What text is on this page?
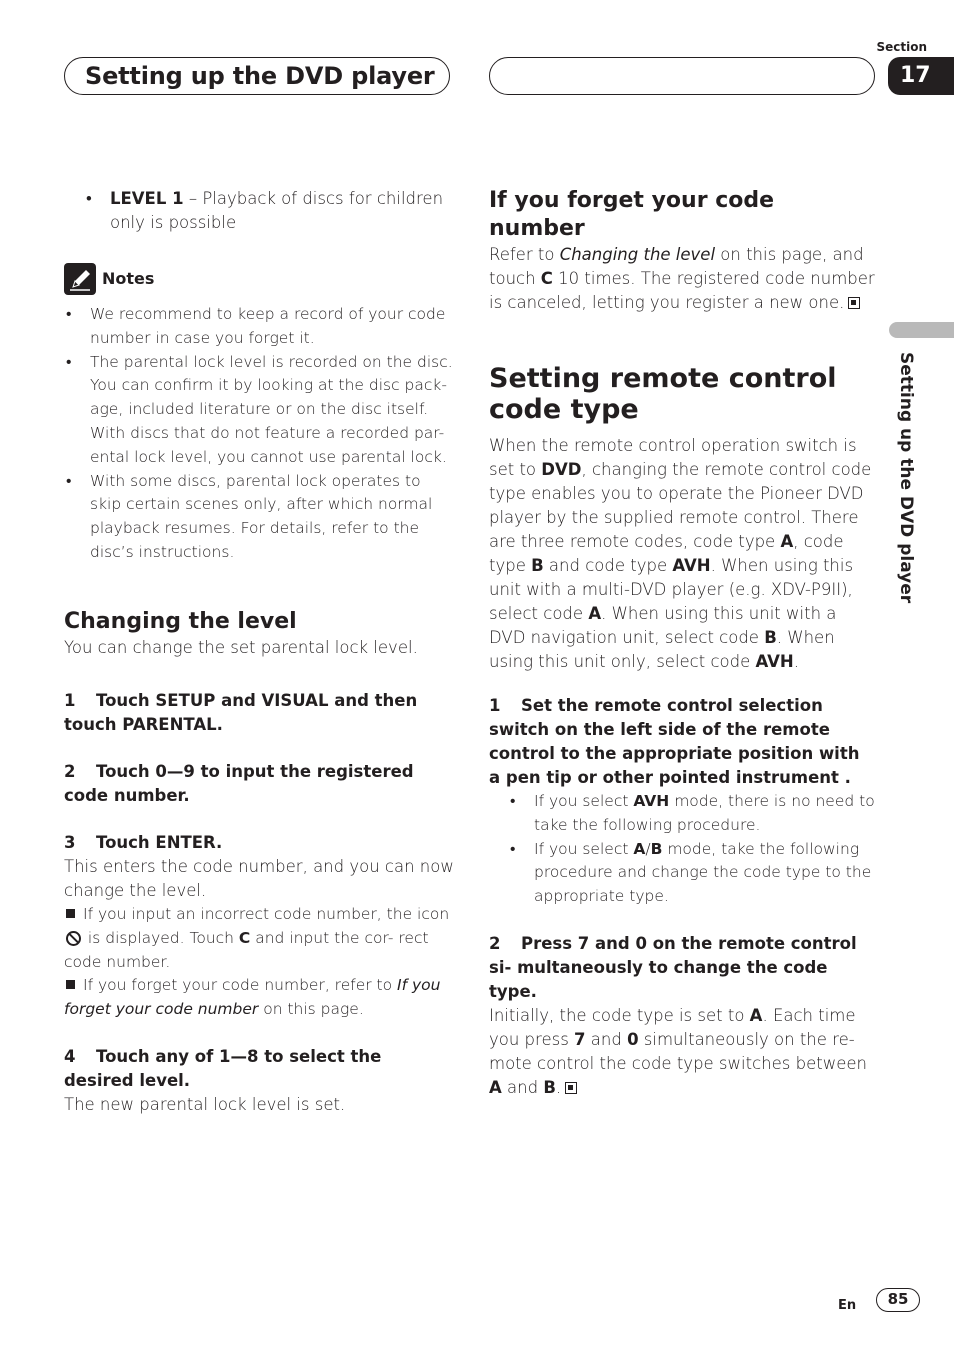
Setting up the DVD player
Section
17
Setting up the DVD player
• LEVEL 1 – Playback of discs for children only is possible
Notes
• We recommend to keep a record of your code number in case you forget it.
• The parental lock level is recorded on the disc. You can confirm it by looking at the disc pack- age, included literature or on the disc itself. With discs that do not feature a recorded par- ental lock level, you cannot use parental lock.
• With some discs, parental lock operates to skip certain scenes only, after which normal playback resumes. For details, refer to the disc’s instructions.
Changing the level

You can change the set parental lock level.

1 Touch SETUP and VISUAL and then touch PARENTAL.
2 Touch 0—9 to input the registered code number.

3 Touch ENTER.

This enters the code number, and you can now change the level.

If you input an incorrect code number, the icon  is displayed. Touch C and input the cor- rect code number.

If you forget your code number, refer to If you forget your code number on this page.

4 Touch any of 1—8 to select the desired level.

The new parental lock level is set.

If you forget your code number

Refer to Changing the level on this page, and touch C 10 times. The registered code number is canceled, letting you register a new one.

Setting remote control code type

When the remote control operation switch is set to DVD, changing the remote control code type enables you to operate the Pioneer DVD player by the supplied remote control. There are three remote codes, code type A, code type B and code type AVH. When using this unit with a multi-DVD player (e.g. XDV-P9II), select code A. When using this unit with a DVD navigation unit, select code B. When using this unit only, select code AVH.

1 Set the remote control selection switch on the left side of the remote control to the appropriate position with a pen tip or other pointed instrument .

• If you select AVH mode, there is no need to take the following procedure.
• If you select A/B mode, take the following procedure and change the code type to the appropriate type.

2 Press 7 and 0 on the remote control si- multaneously to change the code type.

Initially, the code type is set to A. Each time you press 7 and 0 simultaneously on the re- mote control the code type switches between A and B.

En	85
